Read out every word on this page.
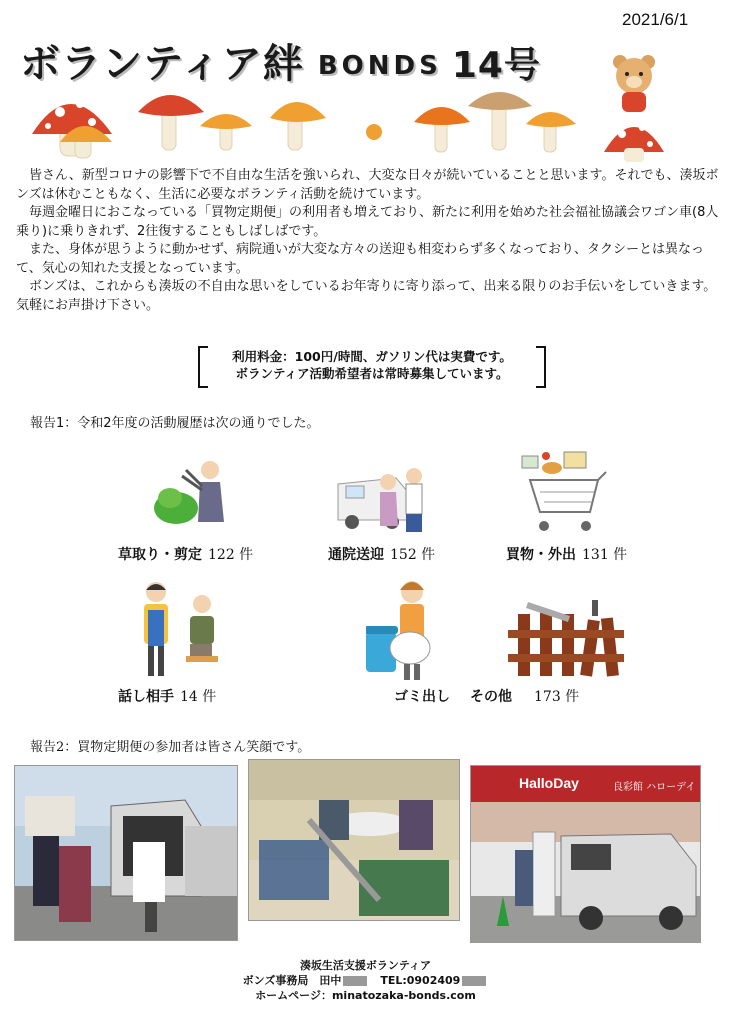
2021/6/1
ボランティア絆 BONDS 14号

皆さん、新型コロナの影響下で不自由な生活を強いられ、大変な日々が続いていることと思います。それでも、湊坂ボンズは休むこともなく、生活に必要なボランティ活動を続けています。

毎週金曜日におこなっている「買物定期便」の利用者も増えており、新たに利用を始めた社会福祉協議会ワゴン車(8人乗り)に乗りきれず、2往復することもしばしばです。

また、身体が思うように動かせず、病院通いが大変な方々の送迎も相変わらず多くなっており、タクシーとは異なって、気心の知れた支援となっています。

ボンズは、これからも湊坂の不自由な思いをしているお年寄りに寄り添って、出来る限りのお手伝いをしていきます。気軽にお声掛け下さい。

利用料金：100円/時間、ガソリン代は実費です。
ボランティア活動希望者は常時募集しています。
報告1：令和2年度の活動履歴は次の通りでした。
草取り・剪定 122 件	通院送迎 152 件	買物・外出 131 件
話し相手 14 件	ゴミ出し その他 173 件
報告2：買物定期便の参加者は皆さん笑顔です。
HalloDay	良彩館 ハローデイ
湊坂生活支援ボランティア
ボンズ事務局　田中　	TEL:0902409
ホームページ：minatozaka-bonds.com
